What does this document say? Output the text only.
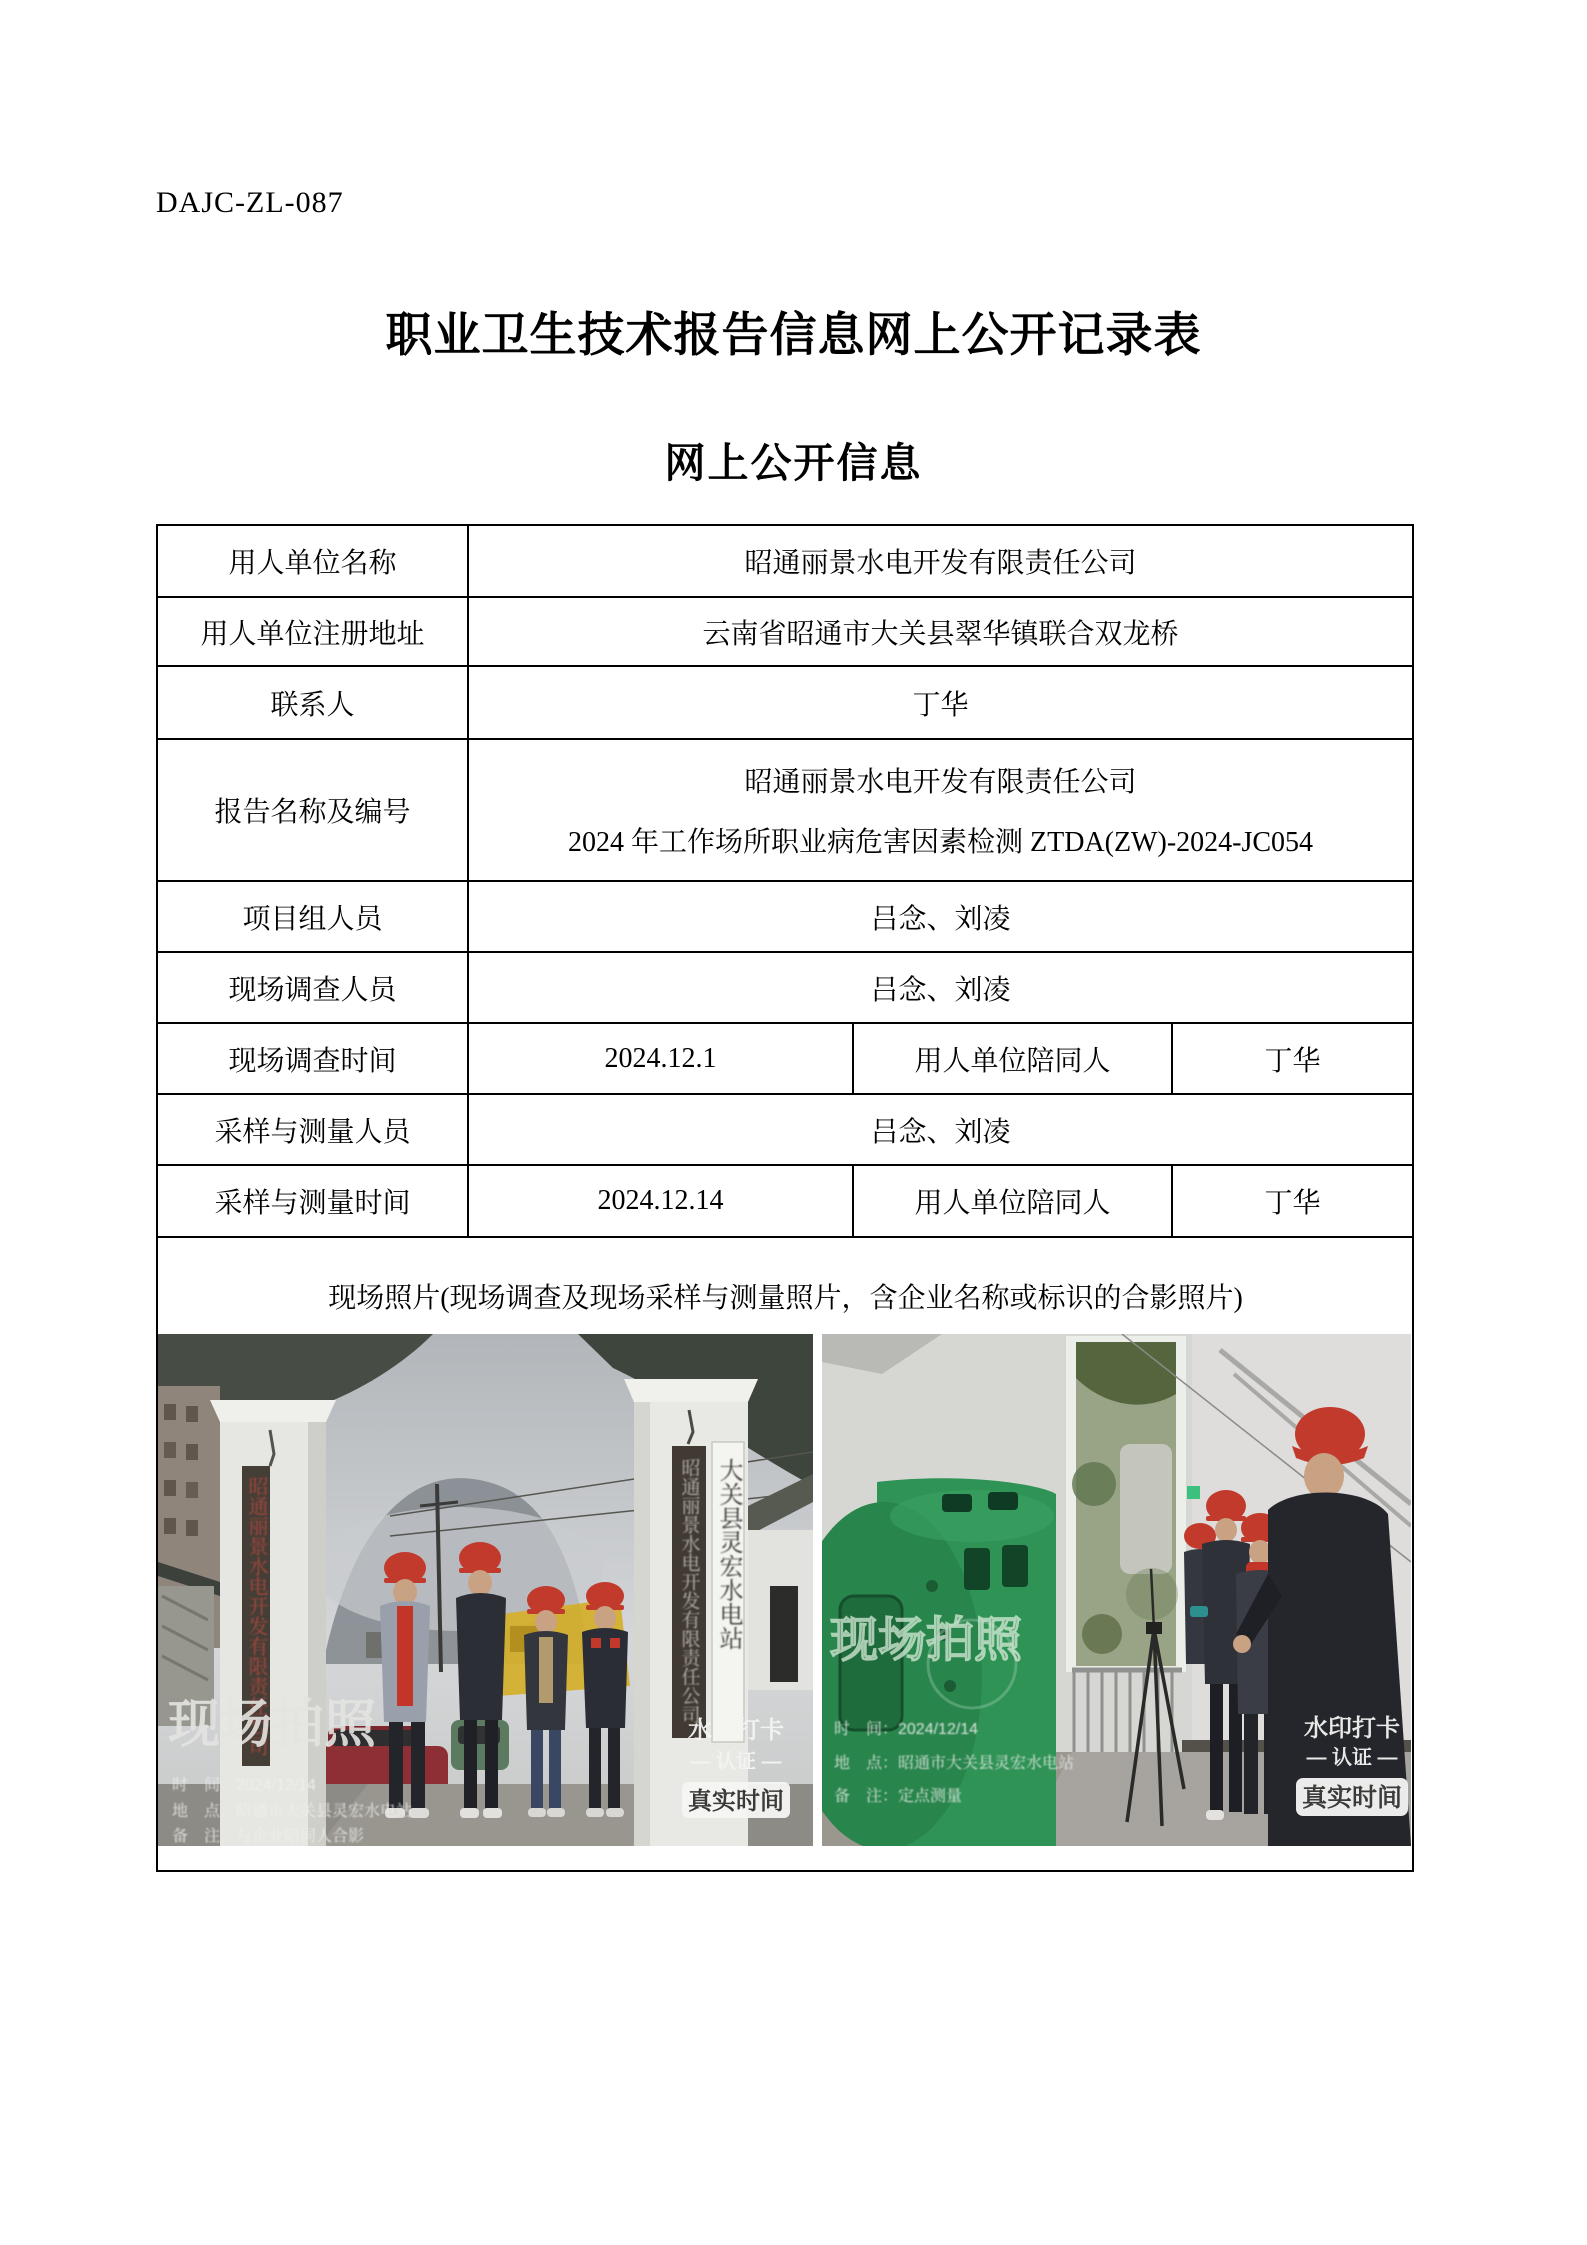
DAJC-ZL-087
职业卫生技术报告信息网上公开记录表
网上公开信息
用人单位名称	昭通丽景水电开发有限责任公司		
用人单位注册地址	云南省昭通市大关县翠华镇联合双龙桥		
联系人	丁华		
报告名称及编号	昭通丽景水电开发有限责任公司
2024 年工作场所职业病危害因素检测 ZTDA(ZW)-2024-JC054		

项目组人员	吕念、刘凌		
现场调查人员	吕念、刘凌		
现场调查时间	2024.12.1	用人单位陪同人	丁华
采样与测量人员	吕念、刘凌		
采样与测量时间	2024.12.14	用人单位陪同人	丁华

现场照片(现场调查及现场采样与测量照片，含企业名称或标识的合影照片)
昭通丽景水电开发有限责任公司	昭通丽景水电开发有限责任公司 大关县灵宏水电站
现场拍照
时　间：2024/12/14
地　点：昭通市大关县灵宏水电站
备　注：与企业陪同人合影
水印打卡
— 认证 —
真实时间
现场拍照
时　间：2024/12/14
地　点：昭通市大关县灵宏水电站
备　注：定点测量
水印打卡
— 认证 —
真实时间
